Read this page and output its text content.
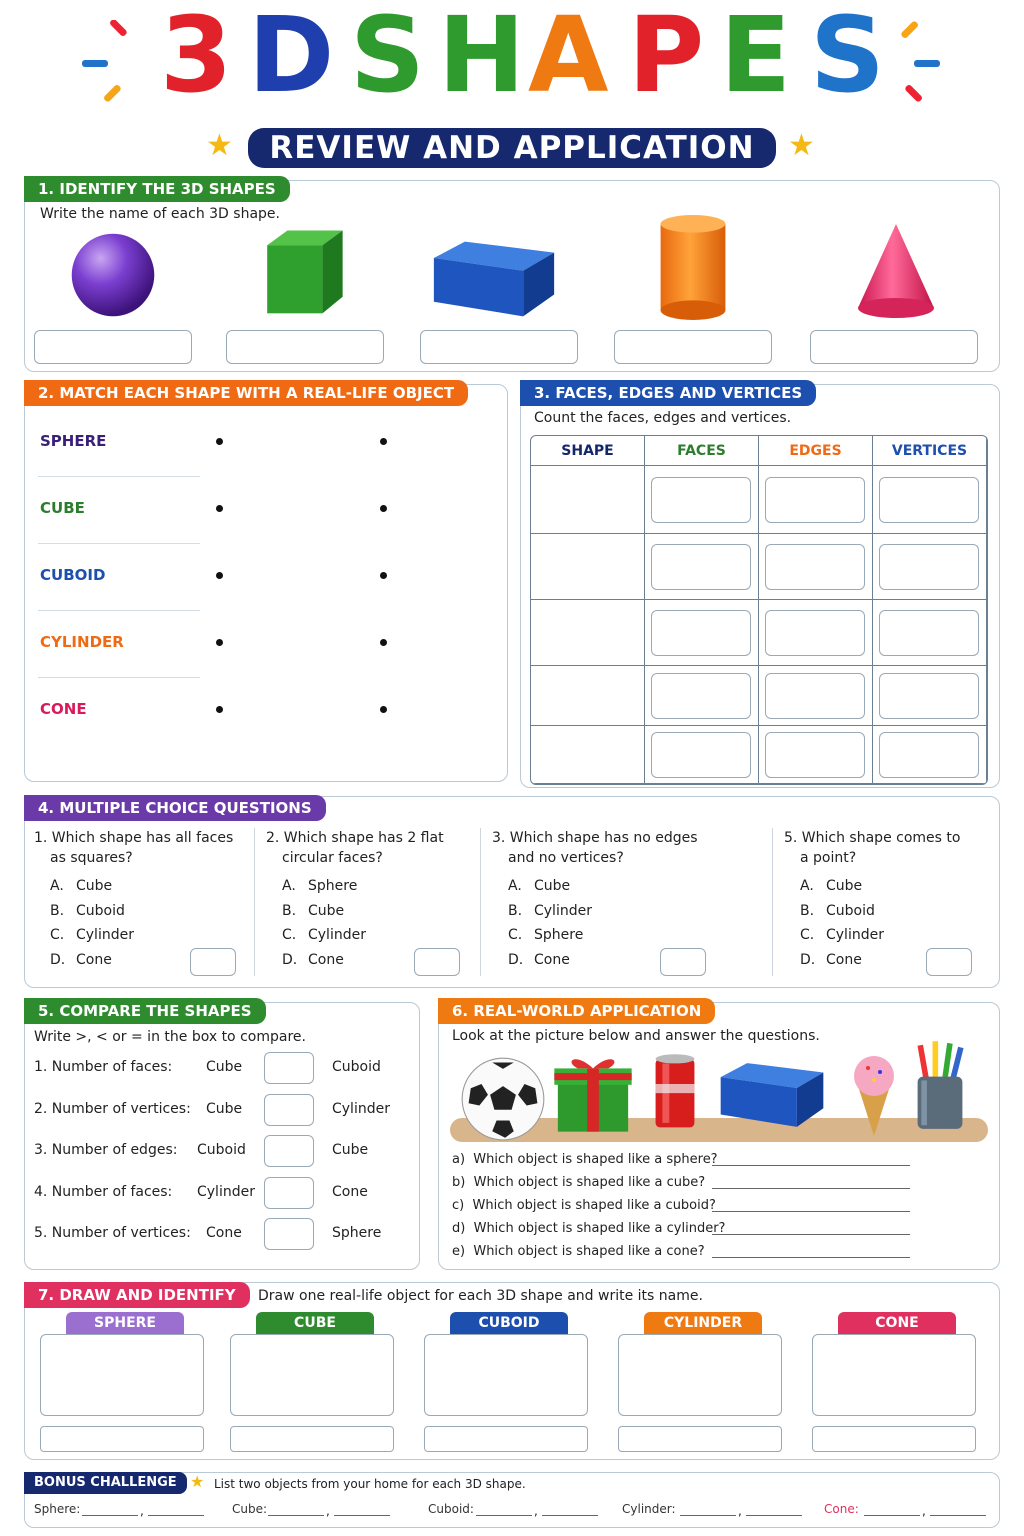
3 D S H A P E S
★	★
REVIEW AND APPLICATION
1. IDENTIFY THE 3D SHAPES
Write the name of each 3D shape.
2. MATCH EACH SHAPE WITH A REAL-LIFE OBJECT
SPHERE
CUBE
CUBOID
CYLINDER
CONE
3. FACES, EDGES AND VERTICES
Count the faces, edges and vertices.
SHAPE	FACES	EDGES	VERTICES
4. MULTIPLE CHOICE QUESTIONS
1. Which shape has all faces
as squares?
A. Cube
B. Cuboid
C. Cylinder
D. Cone
2. Which shape has 2 flat
circular faces?
A. Sphere
B. Cube
C. Cylinder
D. Cone
3. Which shape has no edges
and no vertices?
A. Cube
B. Cylinder
C. Sphere
D. Cone
5. Which shape comes to
a point?
A. Cube
B. Cuboid
C. Cylinder
D. Cone
5. COMPARE THE SHAPES
Write >, < or = in the box to compare.
1. Number of faces: Cube	Cuboid
2. Number of vertices: Cube	Cylinder
3. Number of edges: Cuboid	Cube
4. Number of faces: Cylinder	Cone
5. Number of vertices: Cone	Sphere
6. REAL-WORLD APPLICATION
Look at the picture below and answer the questions.
a)  Which object is shaped like a sphere?
b)  Which object is shaped like a cube?
c)  Which object is shaped like a cuboid?
d)  Which object is shaped like a cylinder?
e)  Which object is shaped like a cone?
7. DRAW AND IDENTIFY	Draw one real-life object for each 3D shape and write its name.
SPHERE	CUBE	CUBOID	CYLINDER	CONE
BONUS CHALLENGE ★ List two objects from your home for each 3D shape.
Sphere:	,	Cube:	,	Cuboid:	,	Cylinder:	,	Cone:	,
